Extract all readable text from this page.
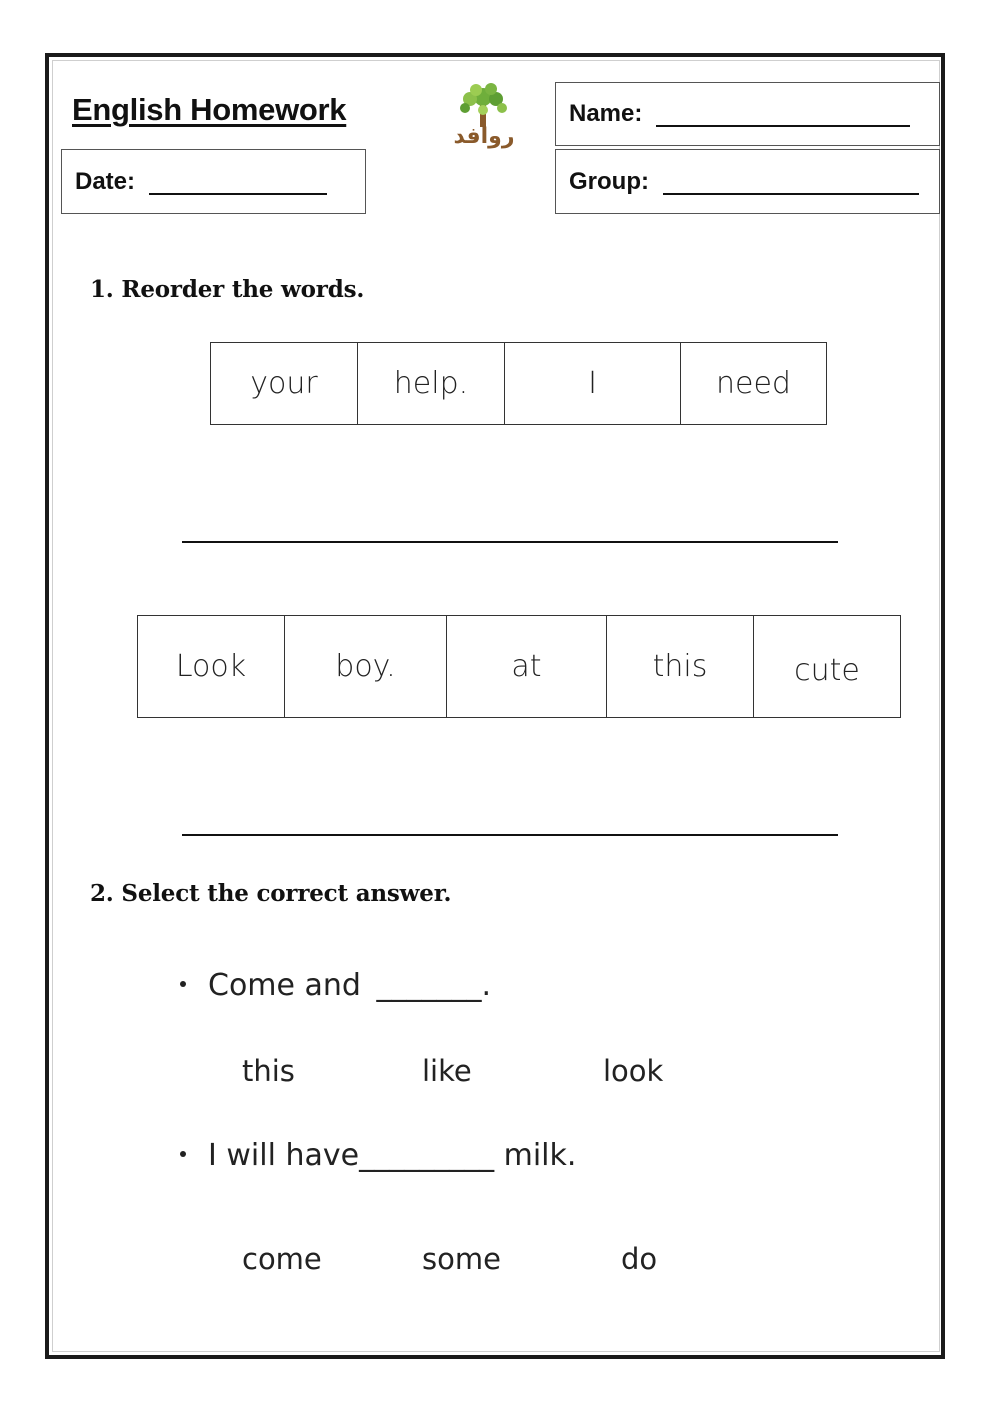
English Homework
Date:
روافد
Name:
Group:
1. Reorder the words.
your	help.	I	need
Look	boy.	at	this	cute
2. Select the correct answer.
Come and _______.
this	like	look
I will have_________ milk.
come	some	do
